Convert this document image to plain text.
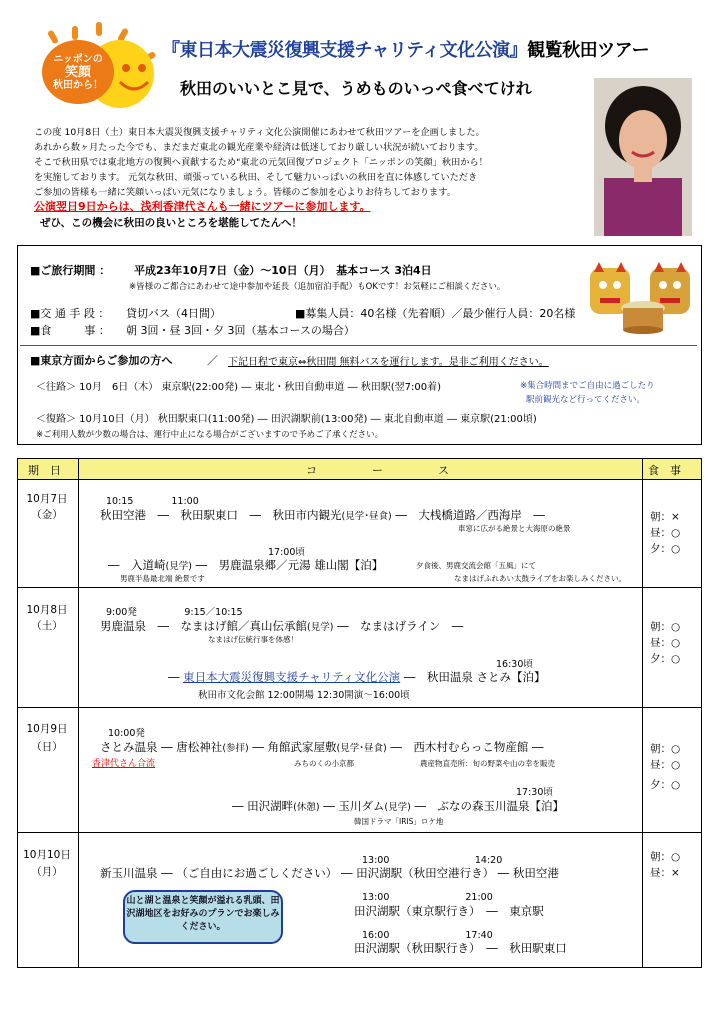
ニッポンの
笑顔
秋田から！
『東日本大震災復興支援チャリティ文化公演』観覧秋田ツアー
秋田のいいとこ見で、うめものいっぺ食べてけれ
この度 10月8日（土）東日本大震災復興支援チャリティ文化公演開催にあわせて秋田ツアーを企画しました。
あれから数ヶ月たった今でも、まだまだ東北の観光産業や経済は低迷しており厳しい状況が続いております。
そこで秋田県では東北地方の復興へ貢献するため"東北の元気回復プロジェクト「ニッポンの笑顔」秋田から！
を実施しております。 元気な秋田、頑張っている秋田、そして魅力いっぱいの秋田を直に体感していただき
ご参加の皆様も一緒に笑顔いっぱい元気になりましょう。皆様のご参加を心よりお待ちしております。
公演翌日9日からは、浅利香津代さんも一緒にツアーに参加します。
ぜひ、この機会に秋田の良いところを堪能してたんへ！
■ご旅行期間 ： 平成23年10月7日（金）～10日（月）　基本コース 3泊4日
※皆様のご都合にあわせて途中参加や延長（追加宿泊手配）もOKです！お気軽にご相談ください。
■交 通 手 段 ： 貸切バス（4日間）	■募集人員：40名様（先着順）／最少催行人員：20名様
■食　　　事 ： 朝 3回・昼 3回・夕 3回（基本コースの場合）
■東京方面からご参加の方へ	／ 下記日程で東京⇔秋田間 無料バスを運行します。是非ご利用ください。
＜往路＞ 10月　6日（木） 東京駅(22:00発) ― 東北・秋田自動車道 ― 秋田駅(翌7:00着)	※集合時間までご自由に過ごしたり
駅前観光など行ってください。
＜復路＞ 10月10日（月） 秋田駅東口(11:00発) ― 田沢湖駅前(13:00発) ― 東北自動車道 ― 東京駅(21:00頃)
※ご利用人数が少数の場合は、運行中止になる場合がございますので予めご了承ください。
期　日	コ　　　　　ー　　　　　ス	食　事
10月7日
（金）
10:15　　　　11:00
秋田空港　―　秋田駅東口　―　秋田市内観光(見学･昼食) ―　大桟橋道路／西海岸　―
車窓に広がる絶景と大海原の絶景
17:00頃
―　入道崎(見学) ―　男鹿温泉郷／元湯 雄山閣【泊】	夕食後、男鹿交流会館「五風」にて
男鹿半島最北端 絶景です	なまはげふれあい太鼓ライブをお楽しみください。
朝：×
昼：○
夕：○
10月8日
（土）
9:00発　　　　　9:15／10:15
男鹿温泉　―　なまはげ館／真山伝承館(見学) ―　なまはげライン　―
なまはげ伝統行事を体感！
16:30頃
― 東日本大震災復興支援チャリティ文化公演 ―　秋田温泉 さとみ【泊】
秋田市文化会館 12:00開場 12:30開演～16:00頃
朝：○
昼：○
夕：○
10月9日
（日）
10:00発
さとみ温泉 ― 唐松神社(参拝) ― 角館武家屋敷(見学･昼食) ―　西木村むらっこ物産館 ―
香津代さん合流	みちのくの小京都	農産物直売所：旬の野菜や山の幸を販売
17:30頃
― 田沢湖畔(休憩) ― 玉川ダム(見学) ―　ぶなの森玉川温泉【泊】
韓国ドラマ「IRIS」ロケ地
朝：○
昼：○
夕：○
10月10日
（月）
13:00　　　　　　　　　14:20
新玉川温泉 ― （ご自由にお過ごしください） ― 田沢湖駅（秋田空港行き） ― 秋田空港
13:00　　　　　　　　21:00
田沢湖駅（東京駅行き）　―　東京駅
16:00　　　　　　　　17:40
田沢湖駅（秋田駅行き）　―　秋田駅東口
朝：○
昼：×
山と湖と温泉と笑顔が溢れる乳頭、田沢湖地区をお好みのプランでお楽しみください。
